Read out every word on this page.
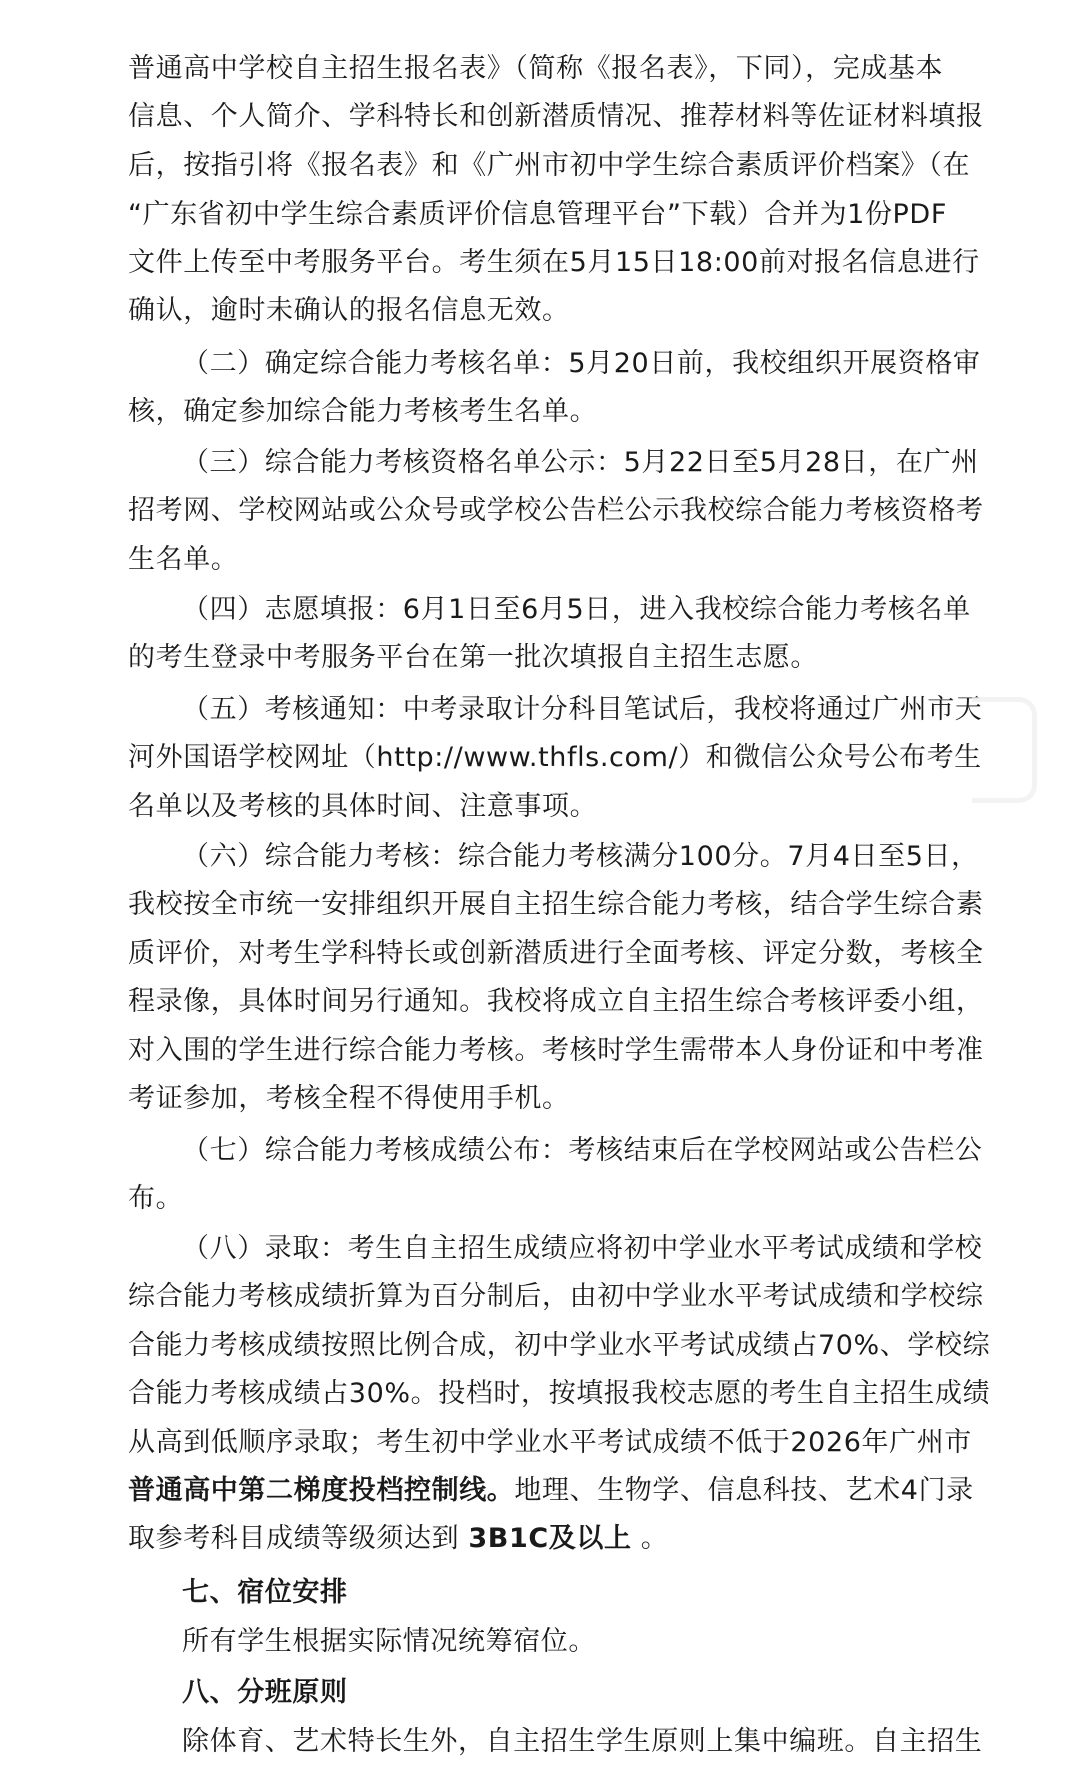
普通高中学校自主招生报名表》（简称《报名表》，下同），完成基本
信息、个人简介、学科特长和创新潜质情况、推荐材料等佐证材料填报
后，按指引将《报名表》和《广州市初中学生综合素质评价档案》（在
“广东省初中学生综合素质评价信息管理平台”下载）合并为1份PDF
文件上传至中考服务平台。考生须在5月15日18:00前对报名信息进行
确认，逾时未确认的报名信息无效。
（二）确定综合能力考核名单：5月20日前，我校组织开展资格审
核，确定参加综合能力考核考生名单。
（三）综合能力考核资格名单公示：5月22日至5月28日，在广州
招考网、学校网站或公众号或学校公告栏公示我校综合能力考核资格考
生名单。
（四）志愿填报：6月1日至6月5日，进入我校综合能力考核名单
的考生登录中考服务平台在第一批次填报自主招生志愿。
（五）考核通知：中考录取计分科目笔试后，我校将通过广州市天
河外国语学校网址（http://www.thfls.com/）和微信公众号公布考生
名单以及考核的具体时间、注意事项。
（六）综合能力考核：综合能力考核满分100分。7月4日至5日，
我校按全市统一安排组织开展自主招生综合能力考核，结合学生综合素
质评价，对考生学科特长或创新潜质进行全面考核、评定分数，考核全
程录像，具体时间另行通知。我校将成立自主招生综合考核评委小组，
对入围的学生进行综合能力考核。考核时学生需带本人身份证和中考准
考证参加，考核全程不得使用手机。
（七）综合能力考核成绩公布：考核结束后在学校网站或公告栏公
布。
（八）录取：考生自主招生成绩应将初中学业水平考试成绩和学校
综合能力考核成绩折算为百分制后，由初中学业水平考试成绩和学校综
合能力考核成绩按照比例合成，初中学业水平考试成绩占70%、学校综
合能力考核成绩占30%。投档时，按填报我校志愿的考生自主招生成绩
从高到低顺序录取；考生初中学业水平考试成绩不低于2026年广州市
普通高中第二梯度投档控制线。地理、生物学、信息科技、艺术4门录
取参考科目成绩等级须达到 3B1C及以上 。
七、宿位安排
所有学生根据实际情况统筹宿位。
八、分班原则
除体育、艺术特长生外，自主招生学生原则上集中编班。自主招生
